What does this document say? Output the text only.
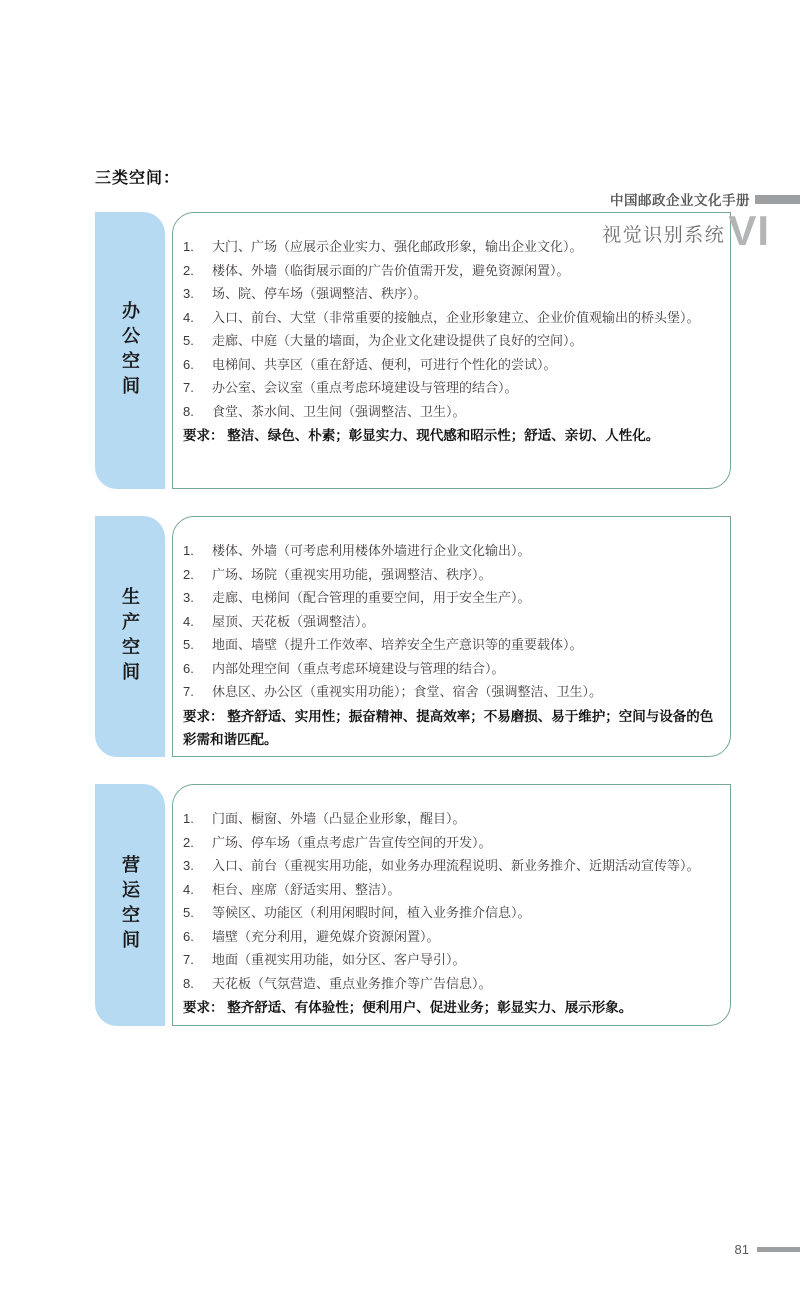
中国邮政企业文化手册
视觉识别系统 VI
三类空间：
办公空间
大门、广场（应展示企业实力、强化邮政形象，输出企业文化）。
楼体、外墙（临街展示面的广告价值需开发，避免资源闲置）。
场、院、停车场（强调整洁、秩序）。
入口、前台、大堂（非常重要的接触点，企业形象建立、企业价值观输出的桥头堡）。
走廊、中庭（大量的墙面，为企业文化建设提供了良好的空间）。
电梯间、共享区（重在舒适、便利，可进行个性化的尝试）。
办公室、会议室（重点考虑环境建设与管理的结合）。
食堂、茶水间、卫生间（强调整洁、卫生）。

要求： 整洁、绿色、朴素；彰显实力、现代感和昭示性；舒适、亲切、人性化。

生产空间
楼体、外墙（可考虑利用楼体外墙进行企业文化输出）。
广场、场院（重视实用功能，强调整洁、秩序）。
走廊、电梯间（配合管理的重要空间，用于安全生产）。
屋顶、天花板（强调整洁）。
地面、墙壁（提升工作效率、培养安全生产意识等的重要载体）。
内部处理空间（重点考虑环境建设与管理的结合）。
休息区、办公区（重视实用功能）；食堂、宿舍（强调整洁、卫生）。

要求： 整齐舒适、实用性；振奋精神、提高效率；不易磨损、易于维护；空间与设备的色彩需和谐匹配。

营运空间
门面、橱窗、外墙（凸显企业形象，醒目）。
广场、停车场（重点考虑广告宣传空间的开发）。
入口、前台（重视实用功能，如业务办理流程说明、新业务推介、近期活动宣传等）。
柜台、座席（舒适实用、整洁）。
等候区、功能区（利用闲暇时间，植入业务推介信息）。
墙壁（充分利用，避免媒介资源闲置）。
地面（重视实用功能，如分区、客户导引）。
天花板（气氛营造、重点业务推介等广告信息）。

要求： 整齐舒适、有体验性；便利用户、促进业务；彰显实力、展示形象。

81
